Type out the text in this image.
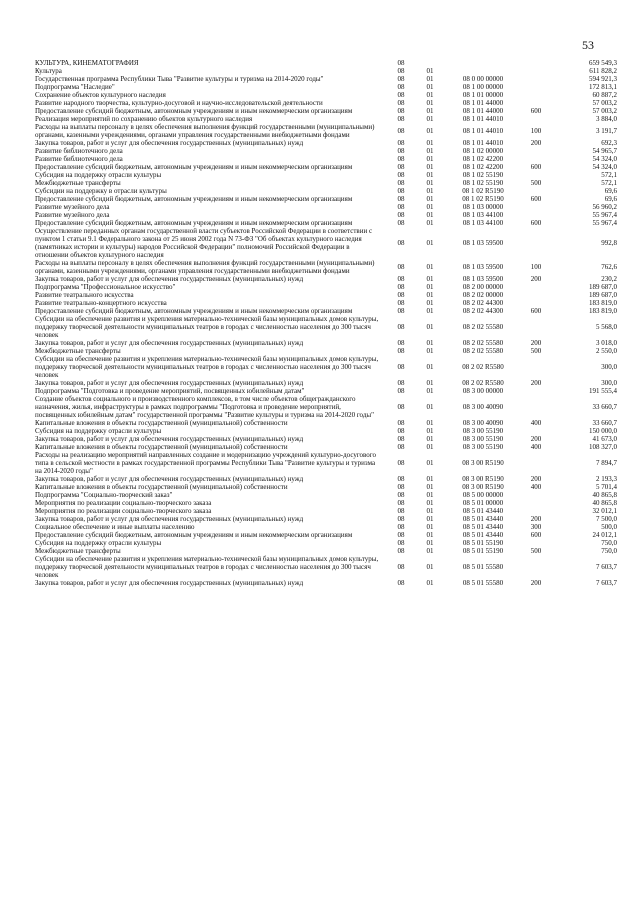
53
КУЛЬТУРА, КИНЕМАТОГРАФИЯ	08				659 549,3
Культура	08	01			611 828,2
Государственная программа Республики Тыва "Развитие культуры и туризма на 2014-2020 годы"	08	01	08 0 00 00000		594 921,3
Подпрограмма "Наследие"	08	01	08 1 00 00000		172 813,1
Сохранение объектов культурного наследия	08	01	08 1 01 00000		60 887,2
Развитие народного творчества, культурно-досуговой и научно-исследовательской деятельности	08	01	08 1 01 44000		57 003,2
Предоставление субсидий бюджетным, автономным учреждениям и иным некоммерческим организациям	08	01	08 1 01 44000	600	57 003,2
Реализация мероприятий по сохранению объектов культурного наследия	08	01	08 1 01 44010		3 884,0
Расходы на выплаты персоналу в целях обеспечения выполнения функций государственными (муниципальными) органами, казенными учреждениями, органами управления государственными внебюджетными фондами	08	01	08 1 01 44010	100	3 191,7
Закупка товаров, работ и услуг для обеспечения государственных (муниципальных) нужд	08	01	08 1 01 44010	200	692,3
Развитие библиотечного дела	08	01	08 1 02 00000		54 965,7
Развитие библиотечного дела	08	01	08 1 02 42200		54 324,0
Предоставление субсидий бюджетным, автономным учреждениям и иным некоммерческим организациям	08	01	08 1 02 42200	600	54 324,0
Субсидия на поддержку отрасли культуры	08	01	08 1 02 55190		572,1
Межбюджетные трансферты	08	01	08 1 02 55190	500	572,1
Субсидии на поддержку в отрасли культуры	08	01	08 1 02 R5190		69,6
Предоставление субсидий бюджетным, автономным учреждениям и иным некоммерческим организациям	08	01	08 1 02 R5190	600	69,6
Развитие музейного дела	08	01	08 1 03 00000		56 960,2
Развитие музейного дела	08	01	08 1 03 44100		55 967,4
Предоставление субсидий бюджетным, автономным учреждениям и иным некоммерческим организациям	08	01	08 1 03 44100	600	55 967,4
Осуществление переданных органам государственной власти субъектов Российской Федерации в соответствии с пунктом 1 статьи 9.1 Федерального закона от 25 июня 2002 года N 73-ФЗ "Об объектах культурного наследия (памятниках истории и культуры) народов Российской Федерации" полномочий Российской Федерации в отношении объектов культурного наследия	08	01	08 1 03 59500		992,8
Расходы на выплаты персоналу в целях обеспечения выполнения функций государственными (муниципальными) органами, казенными учреждениями, органами управления государственными внебюджетными фондами	08	01	08 1 03 59500	100	762,6
Закупка товаров, работ и услуг для обеспечения государственных (муниципальных) нужд	08	01	08 1 03 59500	200	230,2
Подпрограмма "Профессиональное искусство"	08	01	08 2 00 00000		189 687,0
Развитие театрального искусства	08	01	08 2 02 00000		189 687,0
Развитие театрально-концертного искусства	08	01	08 2 02 44300		183 819,0
Предоставление субсидий бюджетным, автономным учреждениям и иным некоммерческим организациям	08	01	08 2 02 44300	600	183 819,0
Субсидии на обеспечение развития и укрепления материально-технической базы муниципальных домов культуры, поддержку творческой деятельности муниципальных театров в городах с численностью населения до 300 тысяч человек	08	01	08 2 02 55580		5 568,0
Закупка товаров, работ и услуг для обеспечения государственных (муниципальных) нужд	08	01	08 2 02 55580	200	3 018,0
Межбюджетные трансферты	08	01	08 2 02 55580	500	2 550,0
Субсидии на обеспечение развития и укрепления материально-технической базы муниципальных домов культуры, поддержку творческой деятельности муниципальных театров в городах с численностью населения до 300 тысяч человек	08	01	08 2 02 R5580		300,0
Закупка товаров, работ и услуг для обеспечения государственных (муниципальных) нужд	08	01	08 2 02 R5580	200	300,0
Подпрограмма "Подготовка и проведение мероприятий, посвященных юбилейным датам"	08	01	08 3 00 00000		191 555,4
Создание объектов социального и производственного комплексов, в том числе объектов общегражданского назначения, жилья, инфраструктуры в рамках подпрограммы "Подготовка и проведение мероприятий, посвященных юбилейным датам" государственной программы "Развитие культуры и туризма на 2014-2020 годы"	08	01	08 3 00 40090		33 660,7
Капитальные вложения в объекты государственной (муниципальной) собственности	08	01	08 3 00 40090	400	33 660,7
Субсидия на поддержку отрасли культуры	08	01	08 3 00 55190		150 000,0
Закупка товаров, работ и услуг для обеспечения государственных (муниципальных) нужд	08	01	08 3 00 55190	200	41 673,0
Капитальные вложения в объекты государственной (муниципальной) собственности	08	01	08 3 00 55190	400	108 327,0
Расходы на реализацию мероприятий направленных создание и модернизацию учреждений культурно-досугового типа в сельской местности в рамках государственной программы Республики Тыва "Развитие культуры и туризма на 2014-2020 годы"	08	01	08 3 00 R5190		7 894,7
Закупка товаров, работ и услуг для обеспечения государственных (муниципальных) нужд	08	01	08 3 00 R5190	200	2 193,3
Капитальные вложения в объекты государственной (муниципальной) собственности	08	01	08 3 00 R5190	400	5 701,4
Подпрограмма "Социально-творческий заказ"	08	01	08 5 00 00000		40 865,8
Мероприятия по реализации социально-творческого заказа	08	01	08 5 01 00000		40 865,8
Мероприятия по реализации социально-творческого заказа	08	01	08 5 01 43440		32 012,1
Закупка товаров, работ и услуг для обеспечения государственных (муниципальных) нужд	08	01	08 5 01 43440	200	7 500,0
Социальное обеспечение и иные выплаты населению	08	01	08 5 01 43440	300	500,0
Предоставление субсидий бюджетным, автономным учреждениям и иным некоммерческим организациям	08	01	08 5 01 43440	600	24 012,1
Субсидия на поддержку отрасли культуры	08	01	08 5 01 55190		750,0
Межбюджетные трансферты	08	01	08 5 01 55190	500	750,0
Субсидии на обеспечение развития и укрепления материально-технической базы муниципальных домов культуры, поддержку творческой деятельности муниципальных театров в городах с численностью населения до 300 тысяч человек	08	01	08 5 01 55580		7 603,7
Закупка товаров, работ и услуг для обеспечения государственных (муниципальных) нужд	08	01	08 5 01 55580	200	7 603,7
